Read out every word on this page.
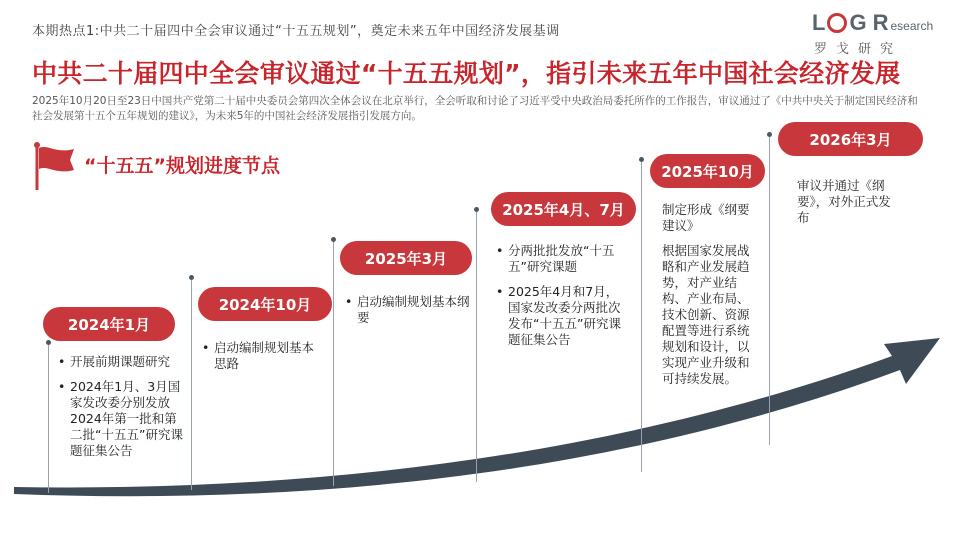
本期热点1:中共二十届四中全会审议通过“十五五规划”，奠定未来五年中国经济发展基调	L G R esearch
罗戈研究
中共二十届四中全会审议通过“十五五规划”，指引未来五年中国社会经济发展
2025年10月20日至23日中国共产党第二十届中央委员会第四次全体会议在北京举行，全会听取和讨论了习近平受中央政治局委托所作的工作报告，审议通过了《中共中央关于制定国民经济和社会发展第十五个五年规划的建议》，为未来5年的中国社会经济发展指引发展方向。
“十五五”规划进度节点
2024年1月
2024年10月
2025年3月
2025年4月、7月
2025年10月
2026年3月
• 开展前期课题研究
• 2024年1月、3月国家发改委分别发放2024年第一批和第二批“十五五”研究课题征集公告
• 启动编制规划基本思路
• 启动编制规划基本纲要
• 分两批批发放“十五五”研究课题
• 2025年4月和7月，国家发改委分两批次发布“十五五”研究课题征集公告

制定形成《纲要建议》

根据国家发展战略和产业发展趋势，对产业结构、产业布局、技术创新、资源配置等进行系统规划和设计，以实现产业升级和可持续发展。

审议并通过《纲要》，对外正式发布
